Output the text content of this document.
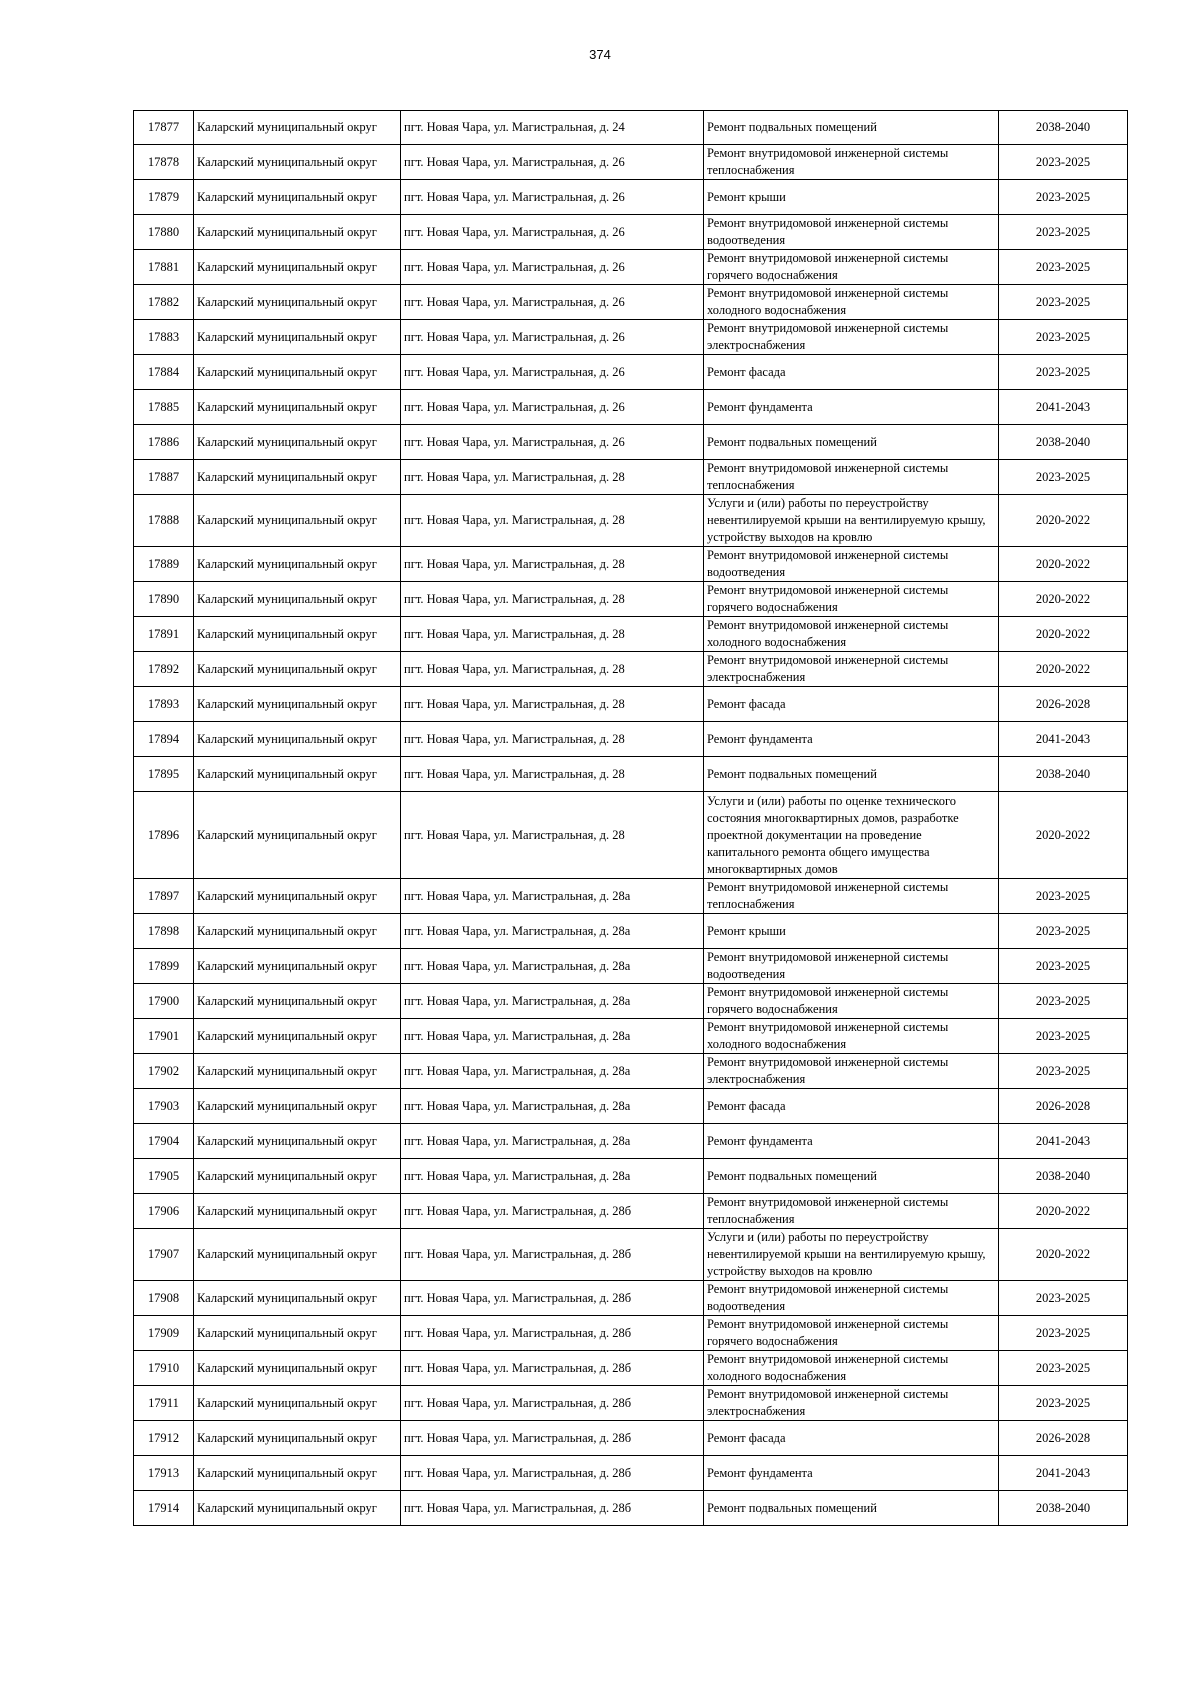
374
17877	Каларский муниципальный округ	пгт. Новая Чара, ул. Магистральная, д. 24	Ремонт подвальных помещений	2038-2040
17878	Каларский муниципальный округ	пгт. Новая Чара, ул. Магистральная, д. 26	Ремонт внутридомовой инженерной системы теплоснабжения	2023-2025
17879	Каларский муниципальный округ	пгт. Новая Чара, ул. Магистральная, д. 26	Ремонт крыши	2023-2025
17880	Каларский муниципальный округ	пгт. Новая Чара, ул. Магистральная, д. 26	Ремонт внутридомовой инженерной системы водоотведения	2023-2025
17881	Каларский муниципальный округ	пгт. Новая Чара, ул. Магистральная, д. 26	Ремонт внутридомовой инженерной системы горячего водоснабжения	2023-2025
17882	Каларский муниципальный округ	пгт. Новая Чара, ул. Магистральная, д. 26	Ремонт внутридомовой инженерной системы холодного водоснабжения	2023-2025
17883	Каларский муниципальный округ	пгт. Новая Чара, ул. Магистральная, д. 26	Ремонт внутридомовой инженерной системы электроснабжения	2023-2025
17884	Каларский муниципальный округ	пгт. Новая Чара, ул. Магистральная, д. 26	Ремонт фасада	2023-2025
17885	Каларский муниципальный округ	пгт. Новая Чара, ул. Магистральная, д. 26	Ремонт фундамента	2041-2043
17886	Каларский муниципальный округ	пгт. Новая Чара, ул. Магистральная, д. 26	Ремонт подвальных помещений	2038-2040
17887	Каларский муниципальный округ	пгт. Новая Чара, ул. Магистральная, д. 28	Ремонт внутридомовой инженерной системы теплоснабжения	2023-2025
17888	Каларский муниципальный округ	пгт. Новая Чара, ул. Магистральная, д. 28	Услуги и (или) работы по переустройству невентилируемой крыши на вентилируемую крышу, устройству выходов на кровлю	2020-2022
17889	Каларский муниципальный округ	пгт. Новая Чара, ул. Магистральная, д. 28	Ремонт внутридомовой инженерной системы водоотведения	2020-2022
17890	Каларский муниципальный округ	пгт. Новая Чара, ул. Магистральная, д. 28	Ремонт внутридомовой инженерной системы горячего водоснабжения	2020-2022
17891	Каларский муниципальный округ	пгт. Новая Чара, ул. Магистральная, д. 28	Ремонт внутридомовой инженерной системы холодного водоснабжения	2020-2022
17892	Каларский муниципальный округ	пгт. Новая Чара, ул. Магистральная, д. 28	Ремонт внутридомовой инженерной системы электроснабжения	2020-2022
17893	Каларский муниципальный округ	пгт. Новая Чара, ул. Магистральная, д. 28	Ремонт фасада	2026-2028
17894	Каларский муниципальный округ	пгт. Новая Чара, ул. Магистральная, д. 28	Ремонт фундамента	2041-2043
17895	Каларский муниципальный округ	пгт. Новая Чара, ул. Магистральная, д. 28	Ремонт подвальных помещений	2038-2040
17896	Каларский муниципальный округ	пгт. Новая Чара, ул. Магистральная, д. 28	Услуги и (или) работы по оценке технического состояния многоквартирных домов, разработке проектной документации на проведение капитального ремонта общего имущества многоквартирных домов	2020-2022
17897	Каларский муниципальный округ	пгт. Новая Чара, ул. Магистральная, д. 28а	Ремонт внутридомовой инженерной системы теплоснабжения	2023-2025
17898	Каларский муниципальный округ	пгт. Новая Чара, ул. Магистральная, д. 28а	Ремонт крыши	2023-2025
17899	Каларский муниципальный округ	пгт. Новая Чара, ул. Магистральная, д. 28а	Ремонт внутридомовой инженерной системы водоотведения	2023-2025
17900	Каларский муниципальный округ	пгт. Новая Чара, ул. Магистральная, д. 28а	Ремонт внутридомовой инженерной системы горячего водоснабжения	2023-2025
17901	Каларский муниципальный округ	пгт. Новая Чара, ул. Магистральная, д. 28а	Ремонт внутридомовой инженерной системы холодного водоснабжения	2023-2025
17902	Каларский муниципальный округ	пгт. Новая Чара, ул. Магистральная, д. 28а	Ремонт внутридомовой инженерной системы электроснабжения	2023-2025
17903	Каларский муниципальный округ	пгт. Новая Чара, ул. Магистральная, д. 28а	Ремонт фасада	2026-2028
17904	Каларский муниципальный округ	пгт. Новая Чара, ул. Магистральная, д. 28а	Ремонт фундамента	2041-2043
17905	Каларский муниципальный округ	пгт. Новая Чара, ул. Магистральная, д. 28а	Ремонт подвальных помещений	2038-2040
17906	Каларский муниципальный округ	пгт. Новая Чара, ул. Магистральная, д. 28б	Ремонт внутридомовой инженерной системы теплоснабжения	2020-2022
17907	Каларский муниципальный округ	пгт. Новая Чара, ул. Магистральная, д. 28б	Услуги и (или) работы по переустройству невентилируемой крыши на вентилируемую крышу, устройству выходов на кровлю	2020-2022
17908	Каларский муниципальный округ	пгт. Новая Чара, ул. Магистральная, д. 28б	Ремонт внутридомовой инженерной системы водоотведения	2023-2025
17909	Каларский муниципальный округ	пгт. Новая Чара, ул. Магистральная, д. 28б	Ремонт внутридомовой инженерной системы горячего водоснабжения	2023-2025
17910	Каларский муниципальный округ	пгт. Новая Чара, ул. Магистральная, д. 28б	Ремонт внутридомовой инженерной системы холодного водоснабжения	2023-2025
17911	Каларский муниципальный округ	пгт. Новая Чара, ул. Магистральная, д. 28б	Ремонт внутридомовой инженерной системы электроснабжения	2023-2025
17912	Каларский муниципальный округ	пгт. Новая Чара, ул. Магистральная, д. 28б	Ремонт фасада	2026-2028
17913	Каларский муниципальный округ	пгт. Новая Чара, ул. Магистральная, д. 28б	Ремонт фундамента	2041-2043
17914	Каларский муниципальный округ	пгт. Новая Чара, ул. Магистральная, д. 28б	Ремонт подвальных помещений	2038-2040
